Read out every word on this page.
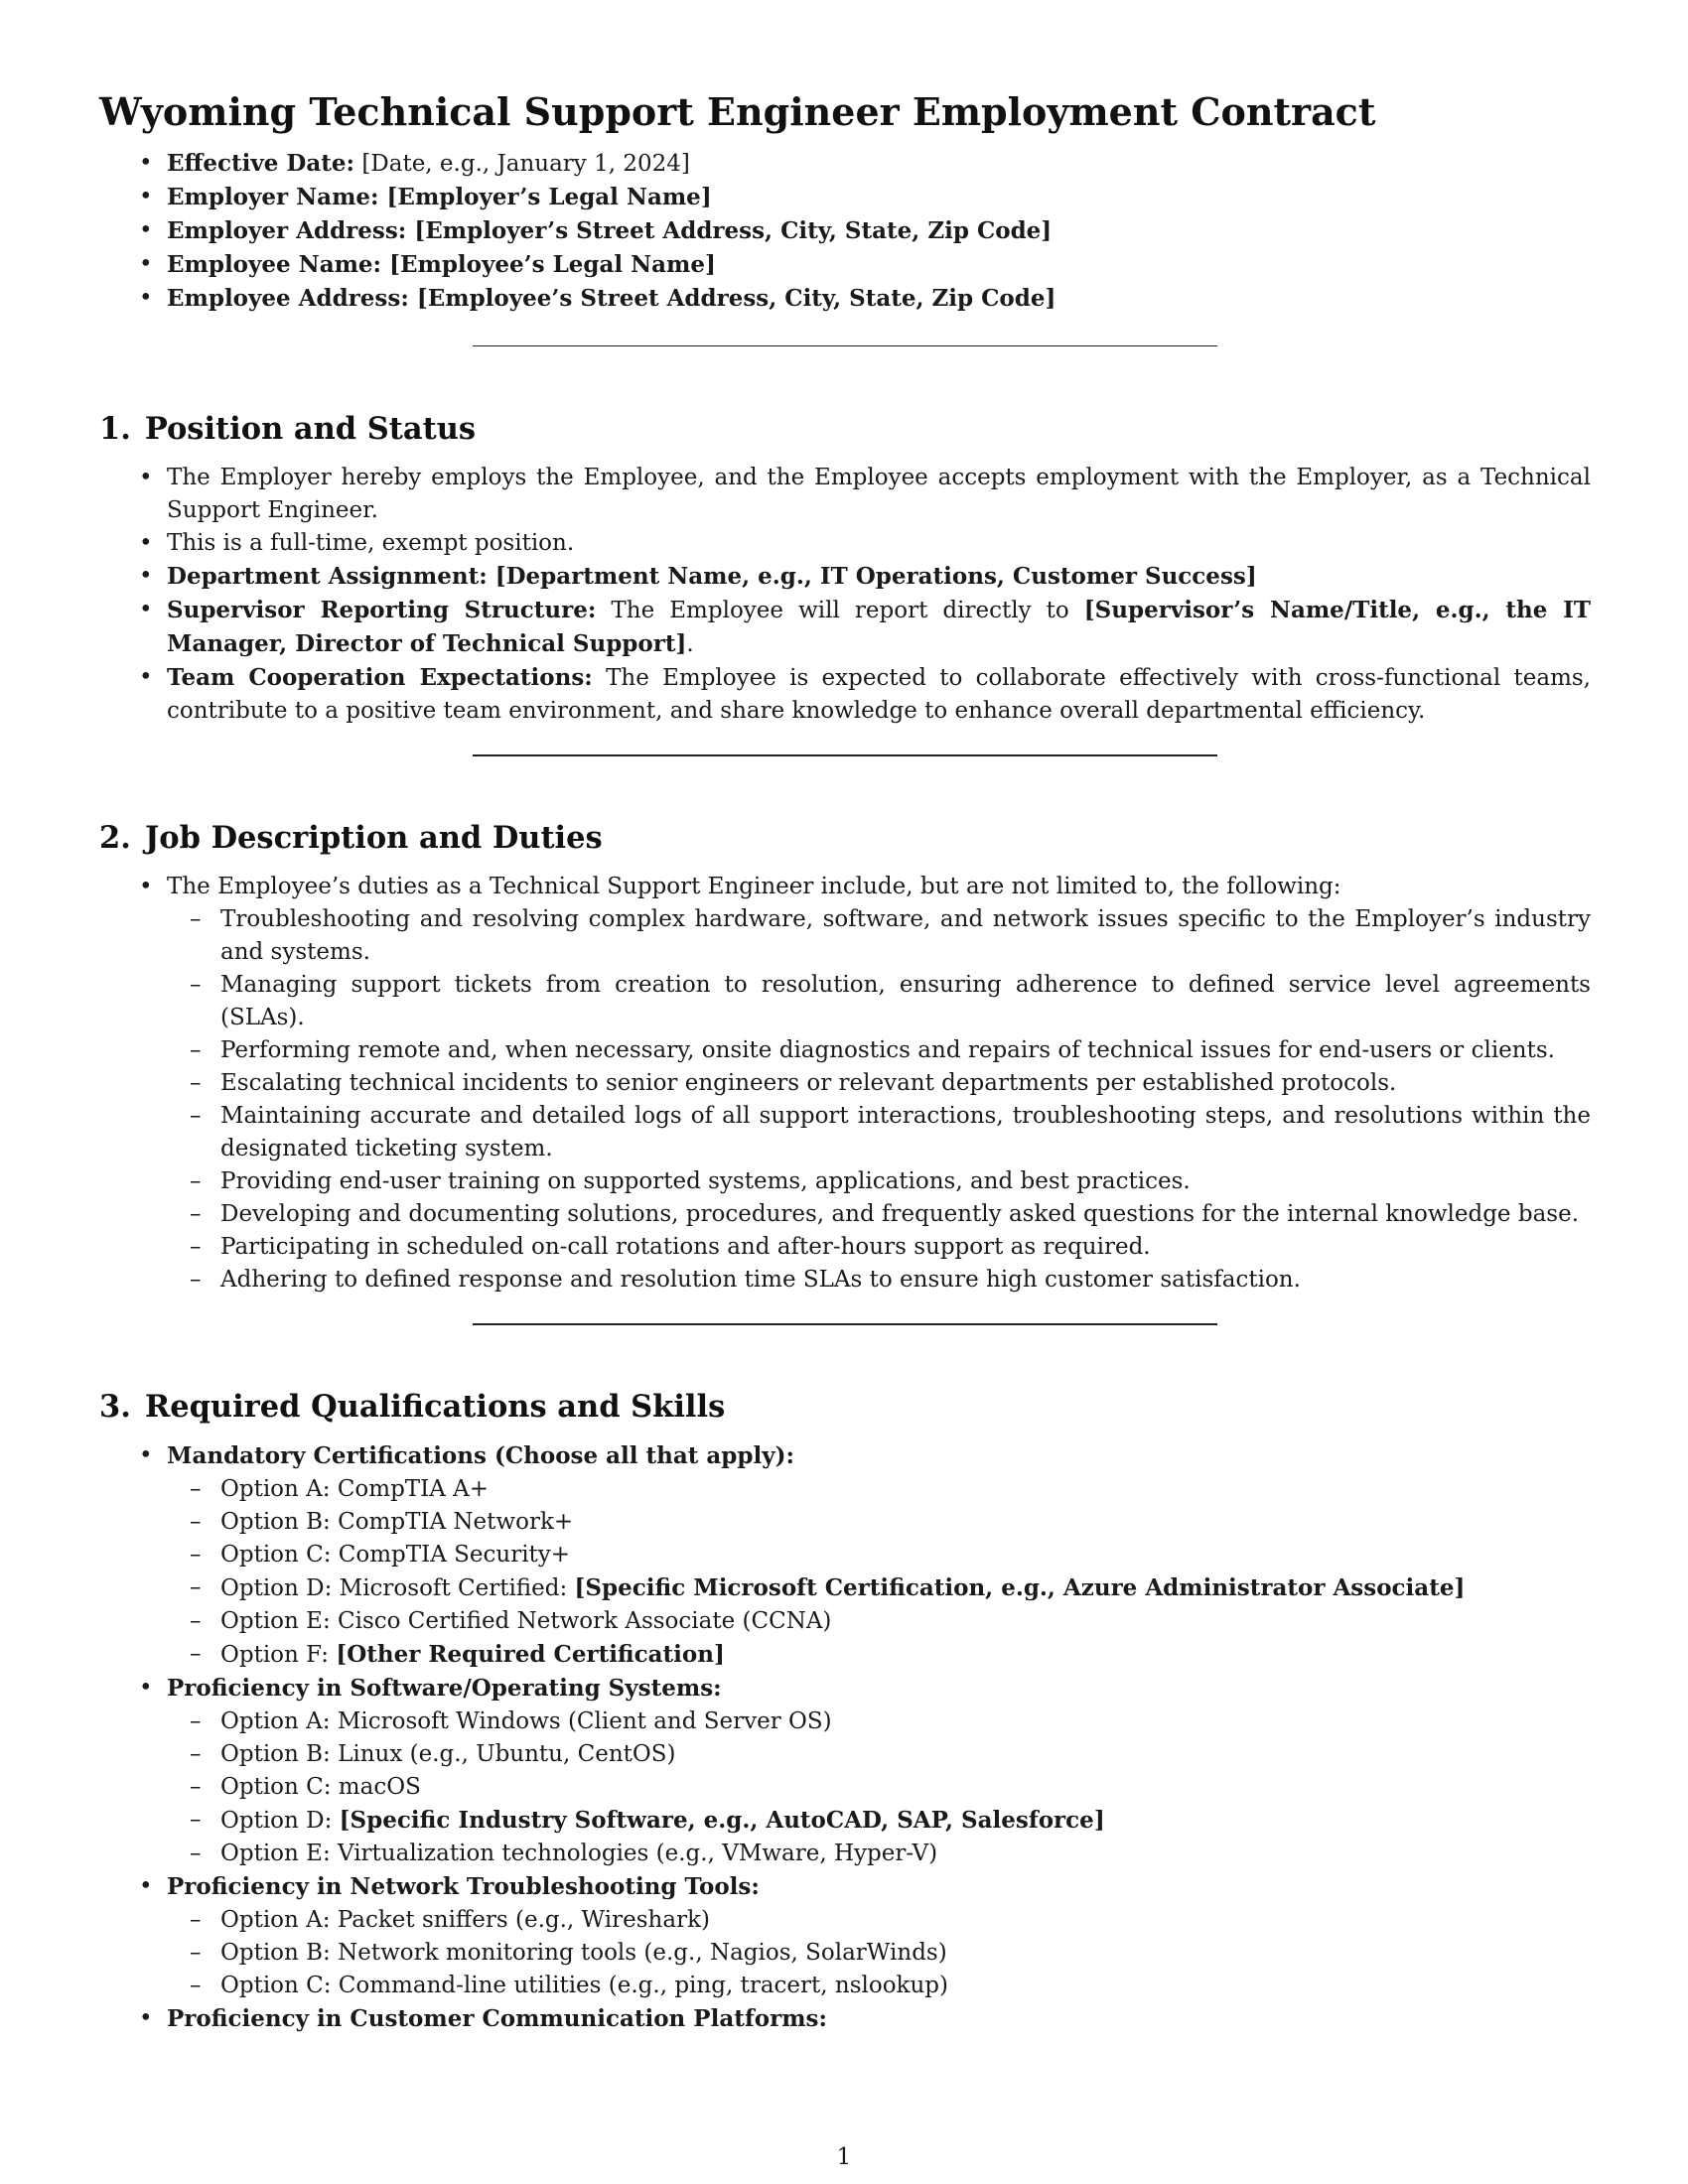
Wyoming Technical Support Engineer Employment Contract
• Effective Date: [Date, e.g., January 1, 2024]
• Employer Name: [Employer’s Legal Name]
• Employer Address: [Employer’s Street Address, City, State, Zip Code]
• Employee Name: [Employee’s Legal Name]
• Employee Address: [Employee’s Street Address, City, State, Zip Code]
1. Position and Status
• The Employer hereby employs the Employee, and the Employee accepts employment with the Employer, as a Technical Support Engineer.
• This is a full-time, exempt position.
• Department Assignment: [Department Name, e.g., IT Operations, Customer Success]
• Supervisor Reporting Structure: The Employee will report directly to [Supervisor’s Name/Title, e.g., the IT Manager, Director of Technical Support].
• Team Cooperation Expectations: The Employee is expected to collaborate effectively with cross-functional teams, contribute to a positive team environment, and share knowledge to enhance overall departmental efficiency.
2. Job Description and Duties
• The Employee’s duties as a Technical Support Engineer include, but are not limited to, the following:
– Troubleshooting and resolving complex hardware, software, and network issues specific to the Employer’s industry and systems.
– Managing support tickets from creation to resolution, ensuring adherence to defined service level agreements (SLAs).
– Performing remote and, when necessary, onsite diagnostics and repairs of technical issues for end-users or clients.
– Escalating technical incidents to senior engineers or relevant departments per established protocols.
– Maintaining accurate and detailed logs of all support interactions, troubleshooting steps, and resolutions within the designated ticketing system.
– Providing end-user training on supported systems, applications, and best practices.
– Developing and documenting solutions, procedures, and frequently asked questions for the internal knowledge base.
– Participating in scheduled on-call rotations and after-hours support as required.
– Adhering to defined response and resolution time SLAs to ensure high customer satisfaction.
3. Required Qualifications and Skills
• Mandatory Certifications (Choose all that apply):
– Option A: CompTIA A+
– Option B: CompTIA Network+
– Option C: CompTIA Security+
– Option D: Microsoft Certified: [Specific Microsoft Certification, e.g., Azure Administrator Associate]
– Option E: Cisco Certified Network Associate (CCNA)
– Option F: [Other Required Certification]
• Proficiency in Software/Operating Systems:
– Option A: Microsoft Windows (Client and Server OS)
– Option B: Linux (e.g., Ubuntu, CentOS)
– Option C: macOS
– Option D: [Specific Industry Software, e.g., AutoCAD, SAP, Salesforce]
– Option E: Virtualization technologies (e.g., VMware, Hyper-V)
• Proficiency in Network Troubleshooting Tools:
– Option A: Packet sniffers (e.g., Wireshark)
– Option B: Network monitoring tools (e.g., Nagios, SolarWinds)
– Option C: Command-line utilities (e.g., ping, tracert, nslookup)
• Proficiency in Customer Communication Platforms:
1
